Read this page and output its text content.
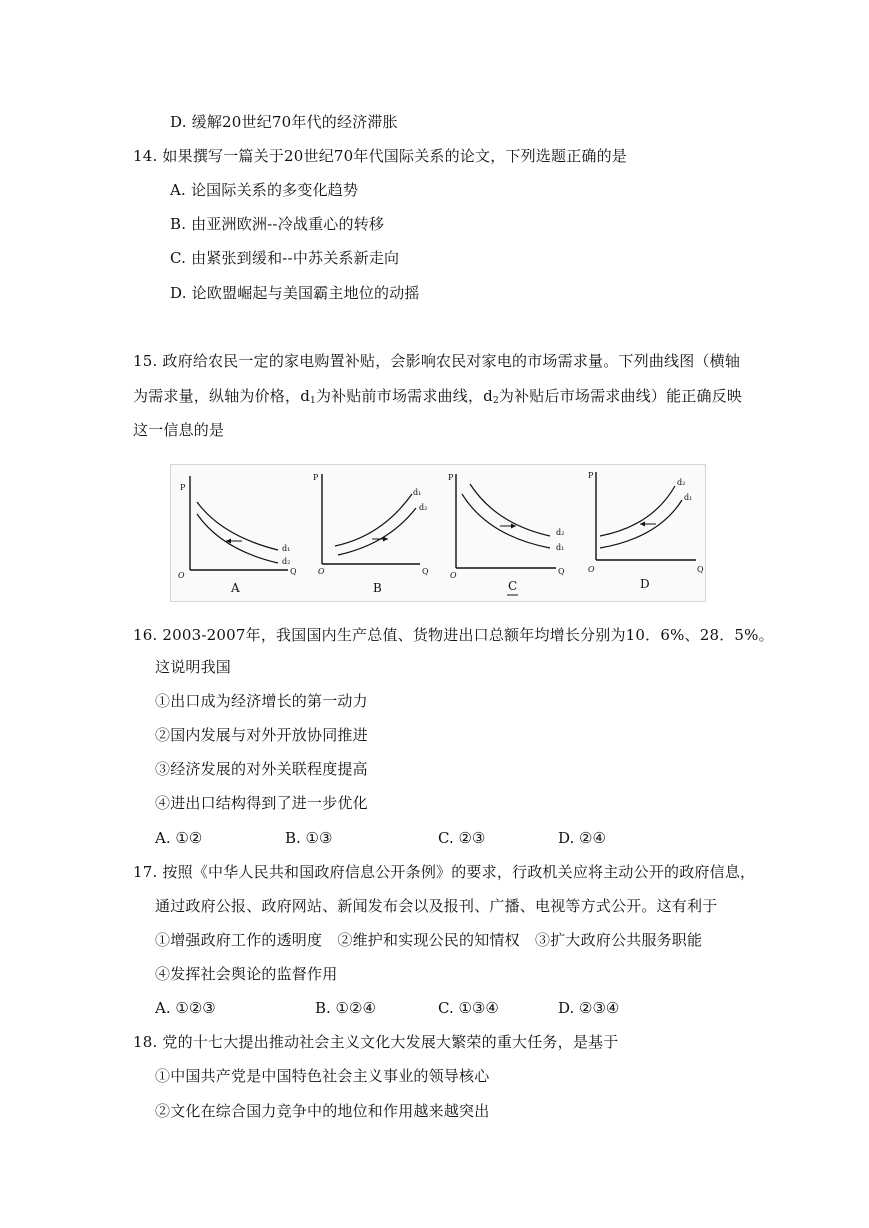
D. 缓解20世纪70年代的经济滞胀
14. 如果撰写一篇关于20世纪70年代国际关系的论文，下列选题正确的是
A. 论国际关系的多变化趋势
B. 由亚洲欧洲--冷战重心的转移
C. 由紧张到缓和--中苏关系新走向
D. 论欧盟崛起与美国霸主地位的动摇
15. 政府给农民一定的家电购置补贴，会影响农民对家电的市场需求量。下列曲线图（横轴
为需求量，纵轴为价格，$d_1$为补贴前市场需求曲线，$d_2$为补贴后市场需求曲线）能正确反映
这一信息的是
P
Q
O
d₁
d₂
A
P
Q
O
d₁
d₂
B
P
Q
O
d₂
d₁
C
P
Q
O
d₂
d₁
D
16. 2003-2007年，我国国内生产总值、货物进出口总额年均增长分别为10．6%、28．5%。
这说明我国
①出口成为经济增长的第一动力
②国内发展与对外开放协同推进
③经济发展的对外关联程度提高
④进出口结构得到了进一步优化
A. ①②	B. ①③	C. ②③	D. ②④
17. 按照《中华人民共和国政府信息公开条例》的要求，行政机关应将主动公开的政府信息，
通过政府公报、政府网站、新闻发布会以及报刊、广播、电视等方式公开。这有利于
①增强政府工作的透明度　②维护和实现公民的知情权　③扩大政府公共服务职能
④发挥社会舆论的监督作用
A. ①②③	B. ①②④	C. ①③④	D. ②③④
18. 党的十七大提出推动社会主义文化大发展大繁荣的重大任务，是基于
①中国共产党是中国特色社会主义事业的领导核心
②文化在综合国力竞争中的地位和作用越来越突出
